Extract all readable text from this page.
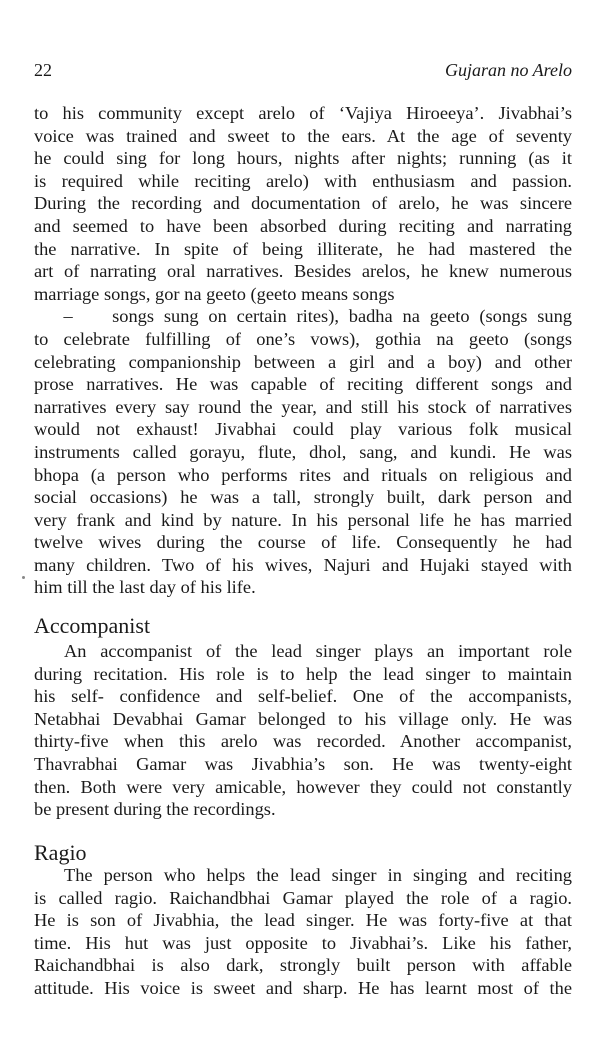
22	Gujaran no Arelo
to his community except arelo of ‘Vajiya Hiroeeya’. Jivabhai’s
voice was trained and sweet to the ears. At the age of seventy
he could sing for long hours, nights after nights; running (as it
is required while reciting arelo) with enthusiasm and passion.
During the recording and documentation of arelo, he was sincere
and seemed to have been absorbed during reciting and narrating
the narrative. In spite of being illiterate, he had mastered the
art of narrating oral narratives. Besides arelos, he knew numerous
marriage songs, gor na geeto (geeto means songs
–    songs sung on certain rites), badha na geeto (songs sung
to celebrate fulfilling of one’s vows), gothia na geeto (songs
celebrating companionship between a girl and a boy) and other
prose narratives. He was capable of reciting different songs and
narratives every say round the year, and still his stock of narratives
would not exhaust! Jivabhai could play various folk musical
instruments called gorayu, flute, dhol, sang, and kundi. He was
bhopa (a person who performs rites and rituals on religious and
social occasions) he was a tall, strongly built, dark person and
very frank and kind by nature. In his personal life he has married
twelve wives during the course of life. Consequently he had
many children. Two of his wives, Najuri and Hujaki stayed with
him till the last day of his life.
Accompanist
An accompanist of the lead singer plays an important role
during recitation. His role is to help the lead singer to maintain
his self- confidence and self-belief. One of the accompanists,
Netabhai Devabhai Gamar belonged to his village only. He was
thirty-five when this arelo was recorded. Another accompanist,
Thavrabhai Gamar was Jivabhia’s son. He was twenty-eight
then. Both were very amicable, however they could not constantly
be present during the recordings.
Ragio
The person who helps the lead singer in singing and reciting
is called ragio. Raichandbhai Gamar played the role of a ragio.
He is son of Jivabhia, the lead singer. He was forty-five at that
time. His hut was just opposite to Jivabhai’s. Like his father,
Raichandbhai is also dark, strongly built person with affable
attitude. His voice is sweet and sharp. He has learnt most of the
